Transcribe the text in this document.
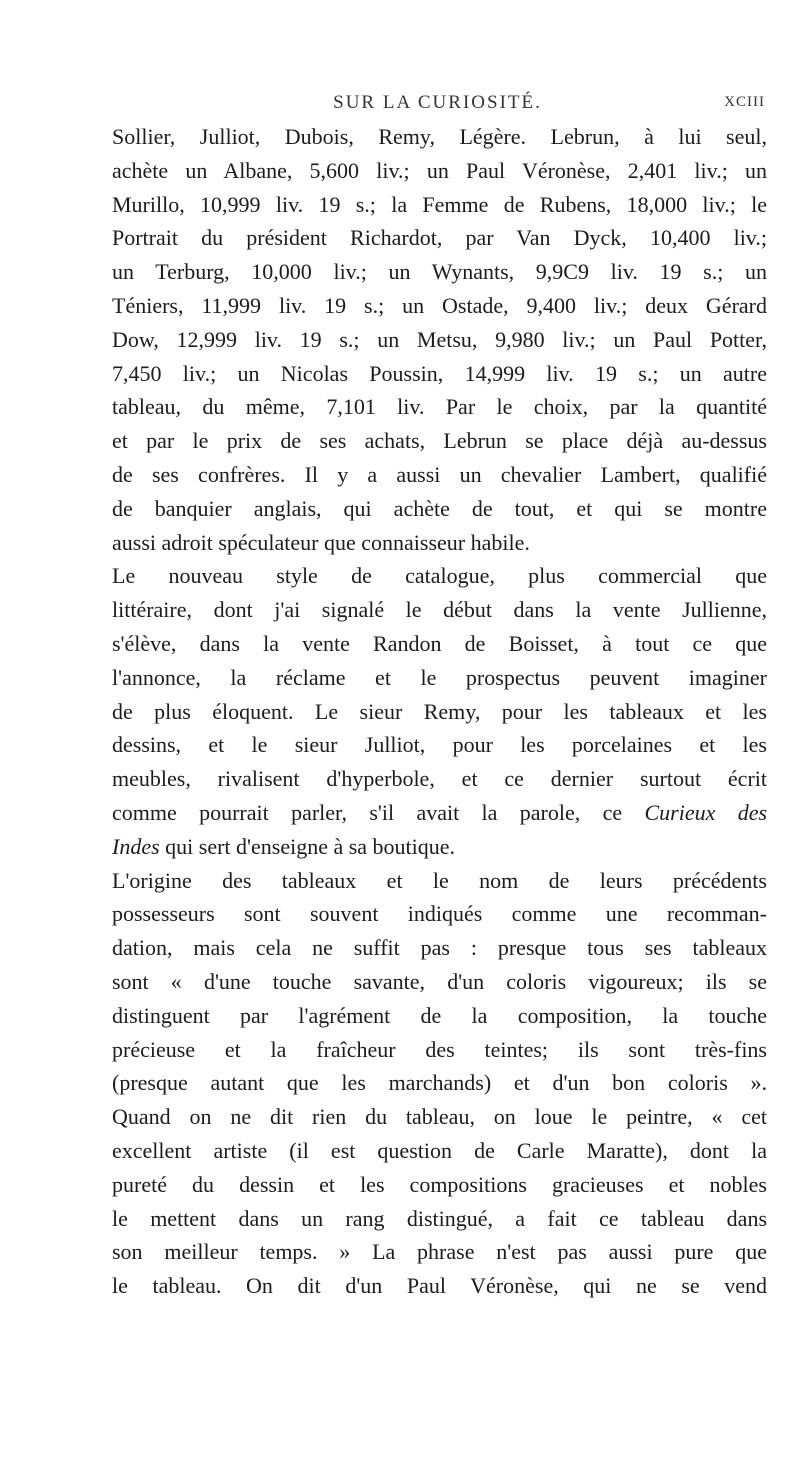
SUR LA CURIOSITÉ.	XCIII

Sollier, Julliot, Dubois, Remy, Légère. Lebrun, à lui seul,
achète un Albane, 5,600 liv.; un Paul Véronèse, 2,401 liv.; un
Murillo, 10,999 liv. 19 s.; la Femme de Rubens, 18,000 liv.; le
Portrait du président Richardot, par Van Dyck, 10,400 liv.;
un Terburg, 10,000 liv.; un Wynants, 9,9C9 liv. 19 s.; un
Téniers, 11,999 liv. 19 s.; un Ostade, 9,400 liv.; deux Gérard
Dow, 12,999 liv. 19 s.; un Metsu, 9,980 liv.; un Paul Potter,
7,450 liv.; un Nicolas Poussin, 14,999 liv. 19 s.; un autre
tableau, du même, 7,101 liv. Par le choix, par la quantité
et par le prix de ses achats, Lebrun se place déjà au-dessus
de ses confrères. Il y a aussi un chevalier Lambert, qualifié
de banquier anglais, qui achète de tout, et qui se montre
aussi adroit spéculateur que connaisseur habile.

Le nouveau style de catalogue, plus commercial que
littéraire, dont j'ai signalé le début dans la vente Jullienne,
s'élève, dans la vente Randon de Boisset, à tout ce que
l'annonce, la réclame et le prospectus peuvent imaginer
de plus éloquent. Le sieur Remy, pour les tableaux et les
dessins, et le sieur Julliot, pour les porcelaines et les
meubles, rivalisent d'hyperbole, et ce dernier surtout écrit
comme pourrait parler, s'il avait la parole, ce Curieux des
Indes qui sert d'enseigne à sa boutique.

L'origine des tableaux et le nom de leurs précédents
possesseurs sont souvent indiqués comme une recomman-
dation, mais cela ne suffit pas : presque tous ses tableaux
sont « d'une touche savante, d'un coloris vigoureux; ils se
distinguent par l'agrément de la composition, la touche
précieuse et la fraîcheur des teintes; ils sont très-fins
(presque autant que les marchands) et d'un bon coloris ».
Quand on ne dit rien du tableau, on loue le peintre, « cet
excellent artiste (il est question de Carle Maratte), dont la
pureté du dessin et les compositions gracieuses et nobles
le mettent dans un rang distingué, a fait ce tableau dans
son meilleur temps. » La phrase n'est pas aussi pure que
le tableau. On dit d'un Paul Véronèse, qui ne se vend
